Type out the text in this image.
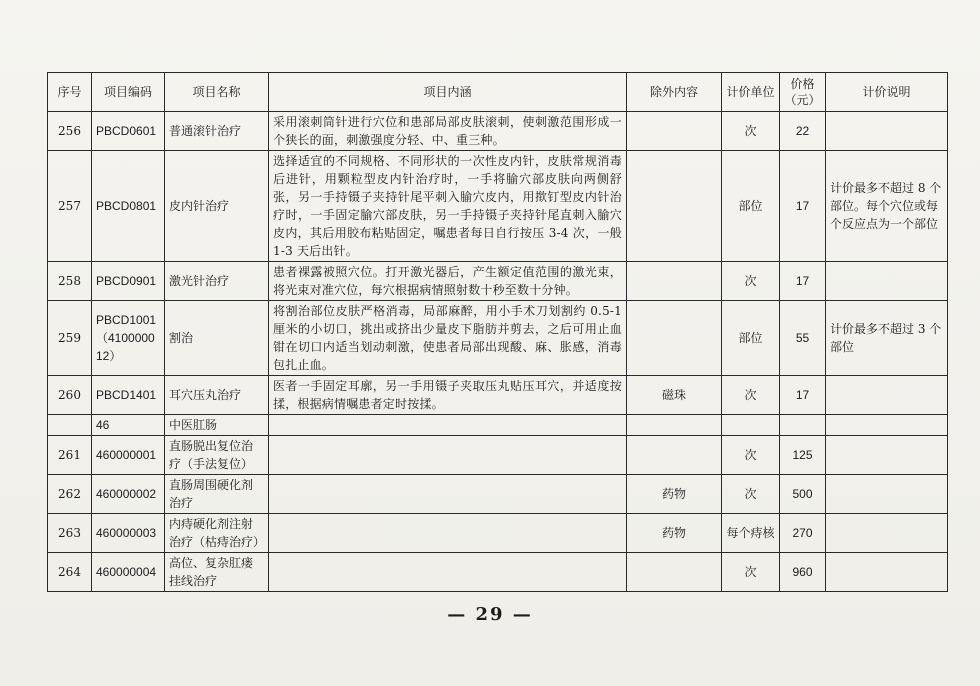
序号	项目编码	项目名称	项目内涵	除外内容	计价单位	价格（元）	计价说明
256	PBCD0601	普通滚针治疗	采用滚刺筒针进行穴位和患部局部皮肤滚刺，使刺激范围形成一个狭长的面，刺激强度分轻、中、重三种。		次	22	
257	PBCD0801	皮内针治疗	选择适宜的不同规格、不同形状的一次性皮内针，皮肤常规消毒后进针，用颗粒型皮内针治疗时，一手将腧穴部皮肤向两侧舒张，另一手持镊子夹持针尾平刺入腧穴皮内，用揿钉型皮内针治疗时，一手固定腧穴部皮肤，另一手持镊子夹持针尾直刺入腧穴皮内，其后用胶布粘贴固定，嘱患者每日自行按压 3-4 次，一般 1-3 天后出针。		部位	17	计价最多不超过 8 个部位。每个穴位或每个反应点为一个部位
258	PBCD0901	激光针治疗	患者裸露被照穴位。打开激光器后，产生额定值范围的激光束，将光束对准穴位，每穴根据病情照射数十秒至数十分钟。		次	17	
259	PBCD1001（410000012）	割治	将割治部位皮肤严格消毒，局部麻醉，用小手术刀划割约 0.5-1 厘米的小切口，挑出或挤出少量皮下脂肪并剪去，之后可用止血钳在切口内适当划动刺激，使患者局部出现酸、麻、胀感，消毒包扎止血。		部位	55	计价最多不超过 3 个部位
260	PBCD1401	耳穴压丸治疗	医者一手固定耳廓，另一手用镊子夹取压丸贴压耳穴，并适度按揉，根据病情嘱患者定时按揉。	磁珠	次	17	
	46	中医肛肠					
261	460000001	直肠脱出复位治疗（手法复位）			次	125	
262	460000002	直肠周围硬化剂治疗		药物	次	500	
263	460000003	内痔硬化剂注射治疗（枯痔治疗）		药物	每个痔核	270	
264	460000004	高位、复杂肛瘘挂线治疗			次	960	
— 29 —
